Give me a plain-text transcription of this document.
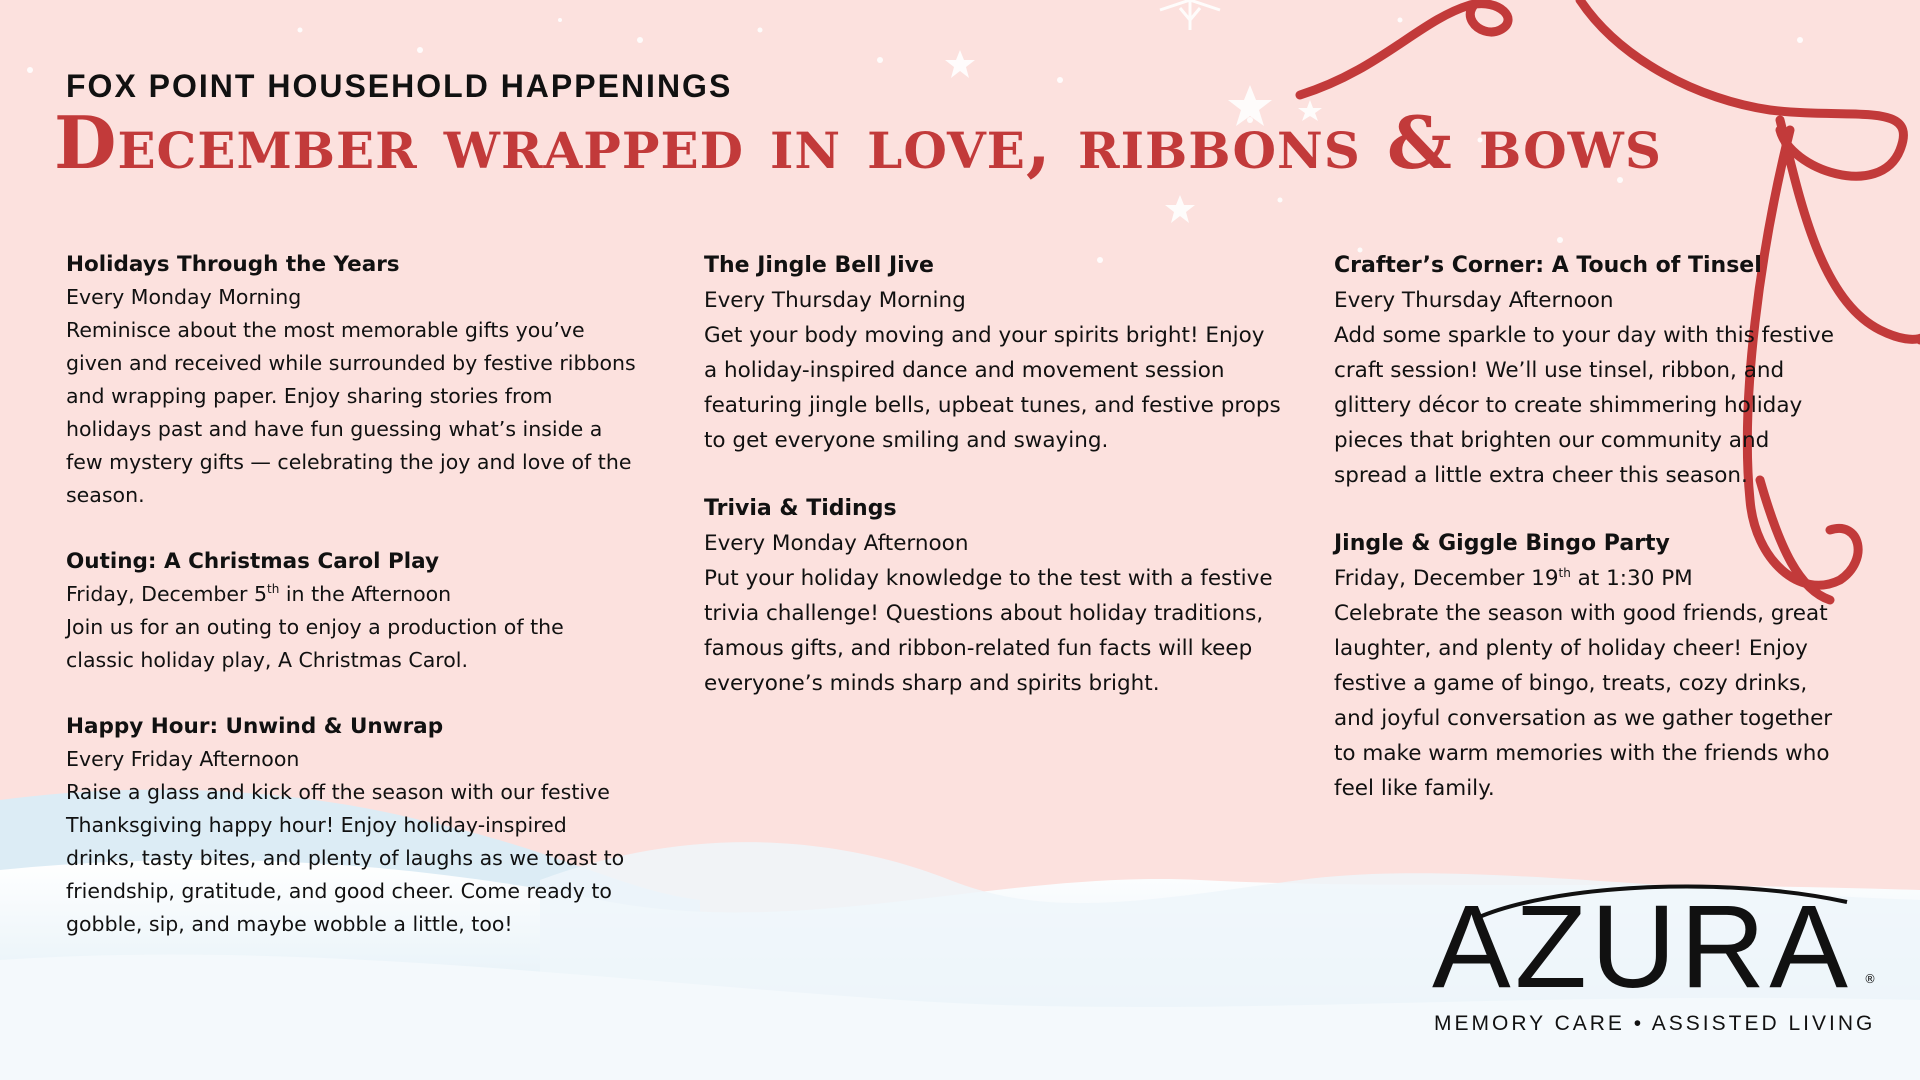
FOX POINT HOUSEHOLD HAPPENINGS
December wrapped in love, ribbons & bows
Holidays Through the Years

Every Monday Morning

Reminisce about the most memorable gifts you’ve given and received while surrounded by festive ribbons and wrapping paper. Enjoy sharing stories from holidays past and have fun guessing what’s inside a few mystery gifts — celebrating the joy and love of the season.

Outing: A Christmas Carol Play

Friday, December 5th in the Afternoon

Join us for an outing to enjoy a production of the classic holiday play, A Christmas Carol.

Happy Hour: Unwind & Unwrap

Every Friday Afternoon

Raise a glass and kick off the season with our festive Thanksgiving happy hour! Enjoy holiday-inspired drinks, tasty bites, and plenty of laughs as we toast to friendship, gratitude, and good cheer. Come ready to gobble, sip, and maybe wobble a little, too!

The Jingle Bell Jive

Every Thursday Morning

Get your body moving and your spirits bright! Enjoy a holiday-inspired dance and movement session featuring jingle bells, upbeat tunes, and festive props to get everyone smiling and swaying.

Trivia & Tidings

Every Monday Afternoon

Put your holiday knowledge to the test with a festive trivia challenge! Questions about holiday traditions, famous gifts, and ribbon-related fun facts will keep everyone’s minds sharp and spirits bright.

Crafter’s Corner: A Touch of Tinsel

Every Thursday Afternoon

Add some sparkle to your day with this festive craft session! We’ll use tinsel, ribbon, and glittery décor to create shimmering holiday pieces that brighten our community and spread a little extra cheer this season.

Jingle & Giggle Bingo Party

Friday, December 19th at 1:30 PM

Celebrate the season with good friends, great laughter, and plenty of holiday cheer! Enjoy festive a game of bingo, treats, cozy drinks, and joyful conversation as we gather together to make warm memories with the friends who feel like family.

AZURA ®
MEMORY CARE • ASSISTED LIVING
